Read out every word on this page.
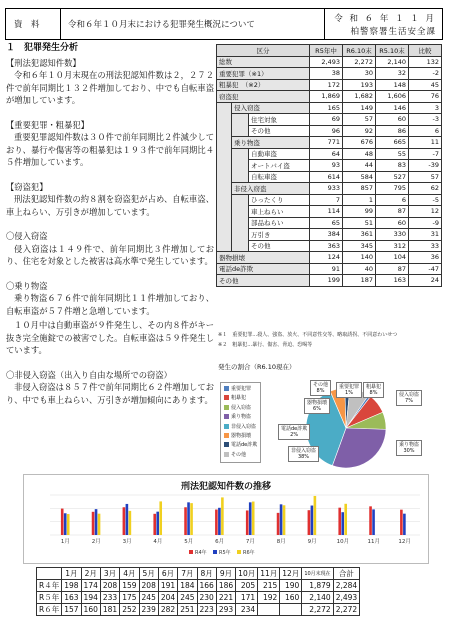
資　料	令和６年１０月末における犯罪発生概況について
令 和 ６ 年 １ １ 月
柏警察署生活安全課
１　犯罪発生分析
【刑法犯認知件数】

令和６年１０月末現在の刑法犯認知件数は２，２７２件で前年同期比１３２件増加しており、中でも自転車盗が増加しています。

【重要犯罪・粗暴犯】

重要犯罪認知件数は３０件で前年同期比２件減少しており、暴行や傷害等の粗暴犯は１９３件で前年同期比４５件増加しています。

【窃盗犯】

刑法犯認知件数の約８割を窃盗犯が占め、自転車盗、車上ねらい、万引きが増加しています。

〇侵入窃盗

侵入窃盗は１４９件で、前年同期比３件増加しており、住宅を対象とした被害は高水準で発生しています。

〇乗り物盗

乗り物盗６７６件で前年同期比１１件増加しており、自転車盗が５７件増と急増しています。

１０月中は自動車盗が９件発生し、その内８件がキー抜き完全施錠での被害でした。自転車盗は５９件発生しています。

〇非侵入窃盗（出入り自由な場所での窃盗）

非侵入窃盗は８５７件で前年同期比６２件増加しており、中でも車上ねらい、万引きが増加傾向にあります。

区分			R5年中	R6.10末	R5.10末	比較
総数			2,493	2,272	2,140	132
重要犯罪（※1）			38	30	32	-2
粗暴犯　（※2）			172	193	148	45
窃盗犯			1,869	1,682	1,606	76
	侵入窃盗		165	149	146	3
		住宅対象	69	57	60	-3
		その他	96	92	86	6
	乗り物盗		771	676	665	11
		自動車盗	64	48	55	-7
		オートバイ盗	93	44	83	-39
		自転車盗	614	584	527	57
	非侵入窃盗		933	857	795	62
		ひったくり	7	1	6	-5
		車上ねらい	114	99	87	12
		部品ねらい	65	51	60	-9
		万引き	384	361	330	31
		その他	363	345	312	33
器物損壊			124	140	104	36
電話de詐欺			91	40	87	-47
その他			199	187	163	24
※１　重要犯罪…殺人、強盗、放火、不同意性交等、略取誘拐、不同意わいせつ
※２　粗暴犯…暴行、傷害、脅迫、恐喝等
発生の割合（R6.10現在）
重要犯罪
粗暴犯
侵入窃盗
乗り物盗
非侵入窃盗
器物損壊
電話de詐欺
その他
重要犯罪
1%
粗暴犯
8%	侵入窃盗
7%
乗り物盗
30%
非侵入窃盗
38%
器物損壊
6%
電話de詐欺
2%
その他
8%
刑法犯認知件数の推移
1月	2月	3月	4月	5月	6月	7月	8月	9月	10月	11月	12月
R4年 R5年 R6年
	1月	2月	3月	4月	5月	6月	7月	8月	9月	10月	11月	12月	10月末現在	合計
R４年	198	174	208	159	208	191	184	166	186	205	215	190	1,879	2,284
R５年	163	194	233	175	245	204	245	230	221	171	192	160	2,140	2,493
R６年	157	160	181	252	239	282	251	223	293	234			2,272	2,272
